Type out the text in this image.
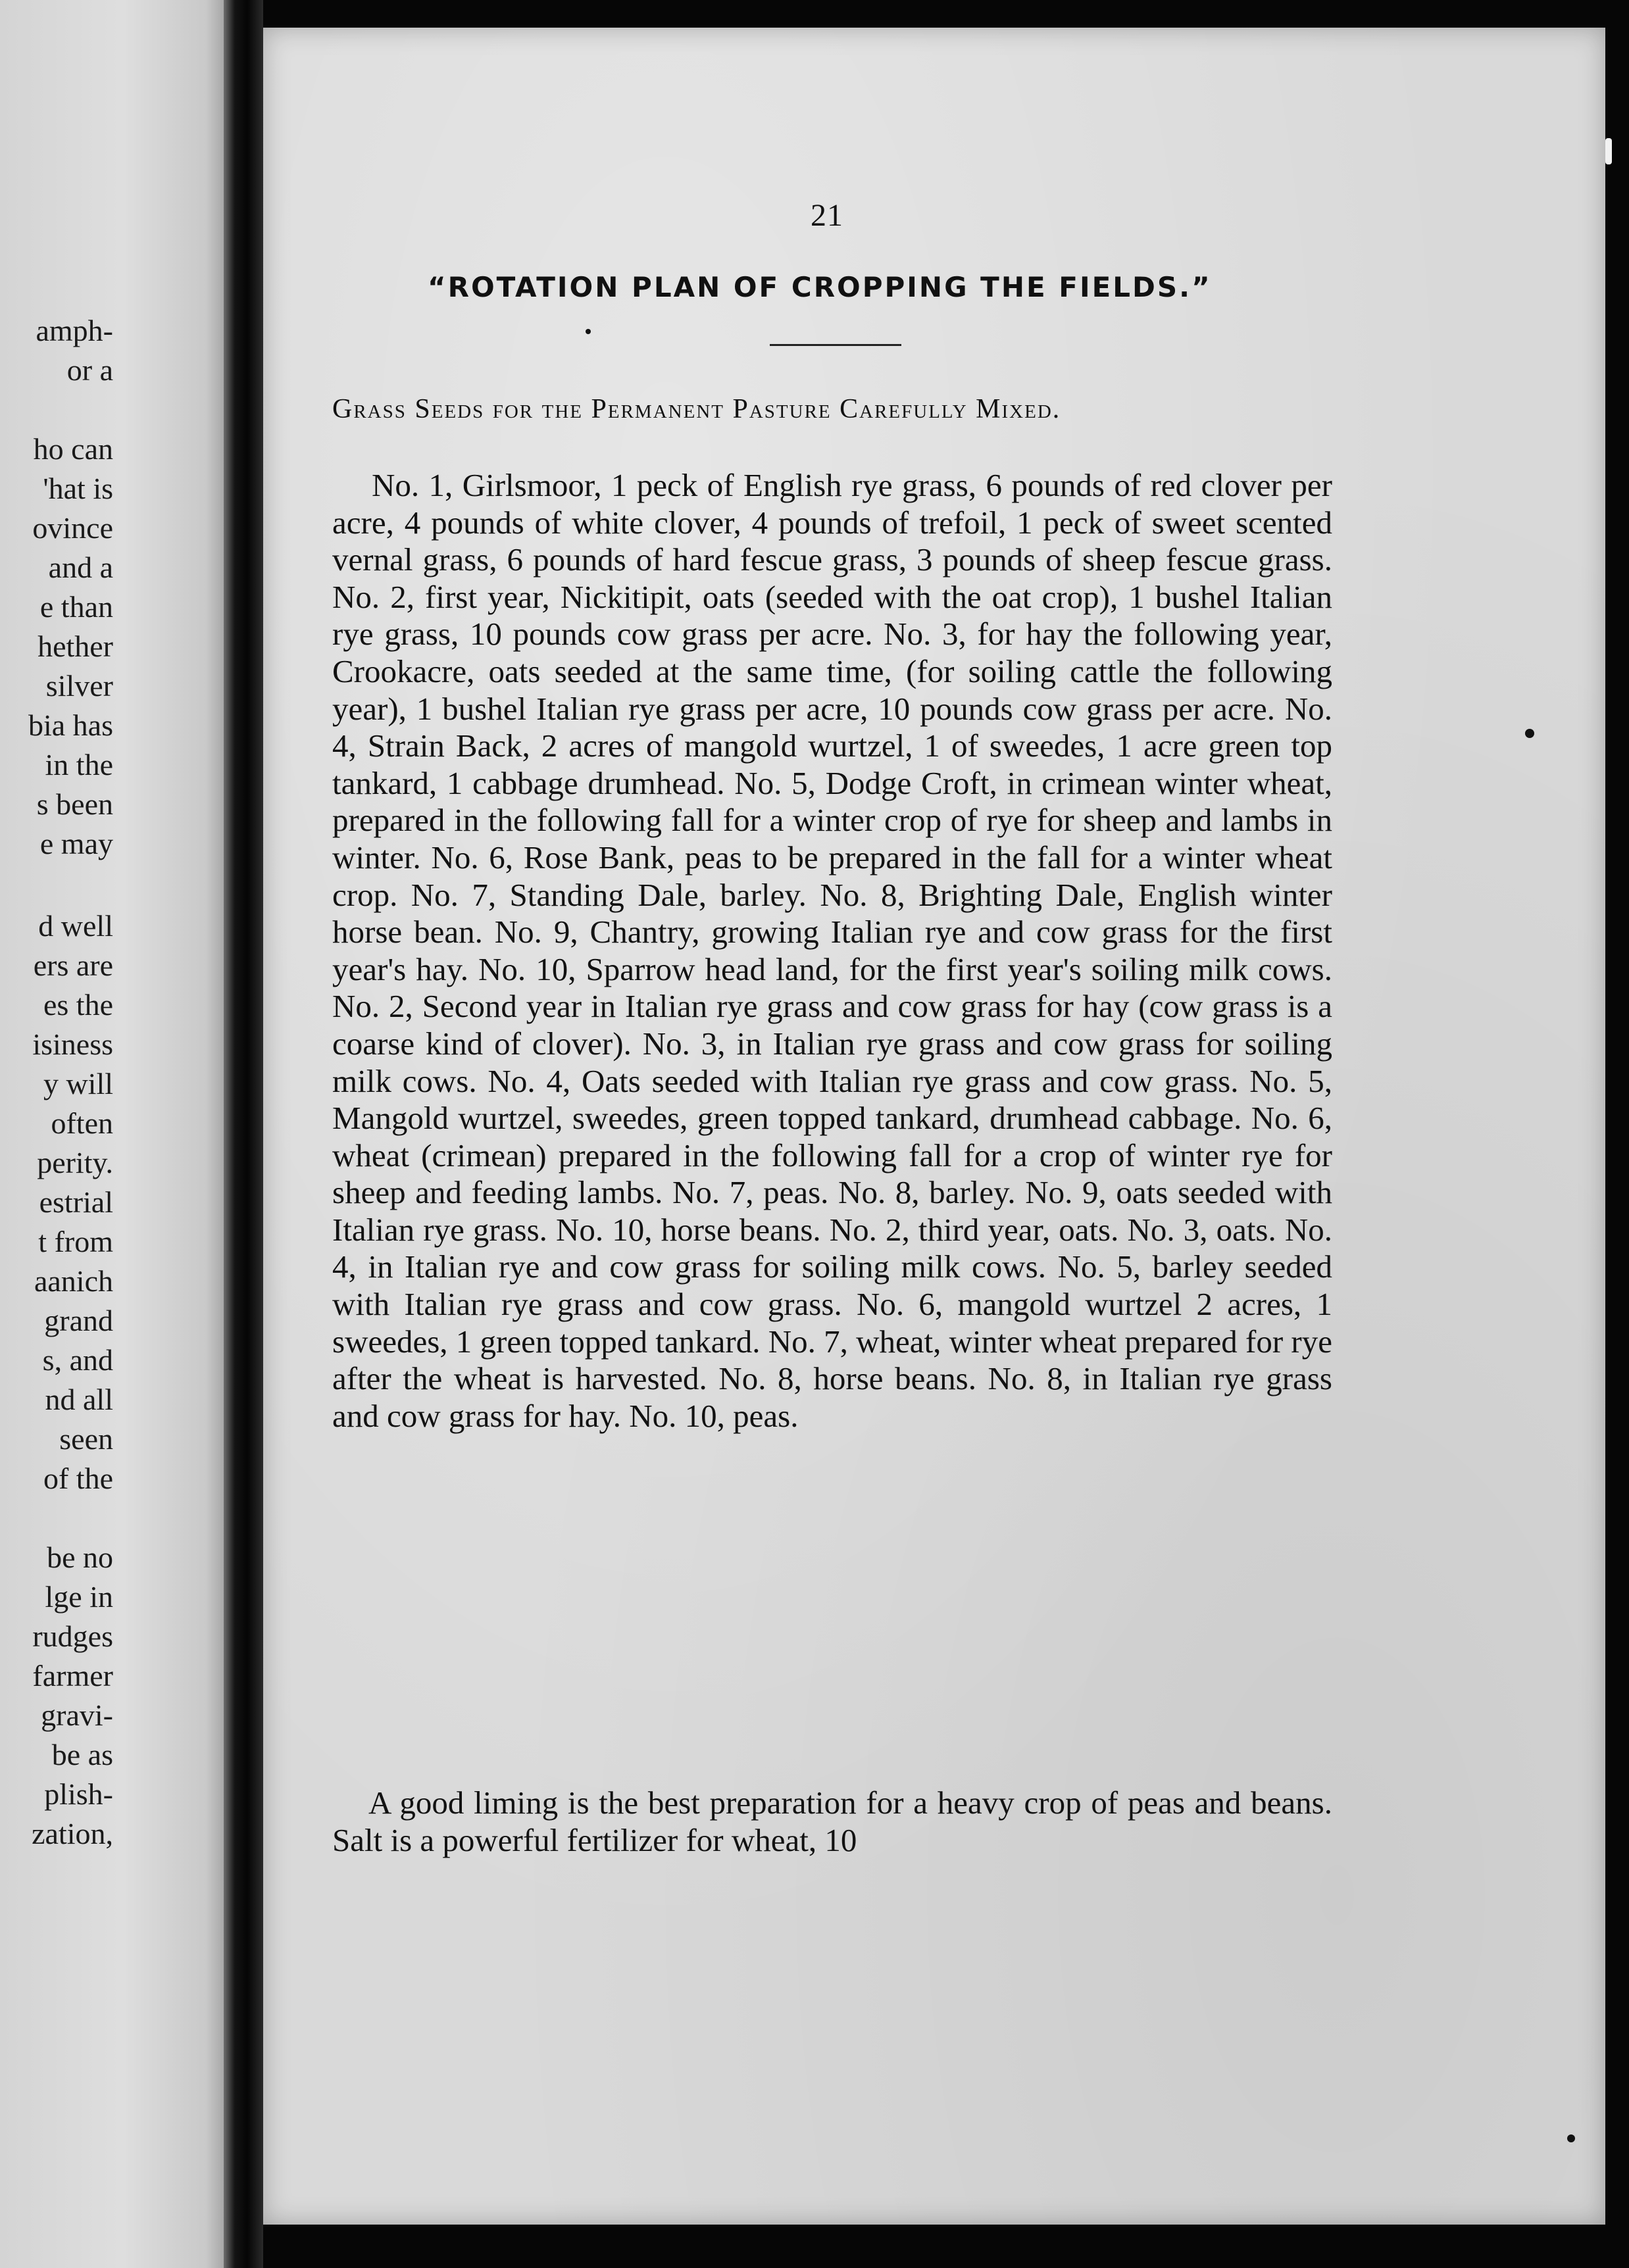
amph-
or a
ho can
'hat is
ovince
and a
e than
hether
silver
bia has
in the
s been
e may
d well
ers are
es the
isiness
y will
often
perity.
estrial
t from
aanich
grand
s, and
nd all
seen
of the
be no
lge in
rudges
farmer
gravi-
be as
plish-
zation,
21
“ROTATION PLAN OF CROPPING THE FIELDS.”
Grass Seeds for the Permanent Pasture Carefully Mixed.
No. 1, Girlsmoor, 1 peck of English rye grass, 6 pounds of red clover per acre, 4 pounds of white clover, 4 pounds of trefoil, 1 peck of sweet scented vernal grass, 6 pounds of hard fescue grass, 3 pounds of sheep fescue grass. No. 2, first year, Nickitipit, oats (seeded with the oat crop), 1 bushel Italian rye grass, 10 pounds cow grass per acre. No. 3, for hay the following year, Crookacre, oats seeded at the same time, (for soiling cattle the following year), 1 bushel Italian rye grass per acre, 10 pounds cow grass per acre. No. 4, Strain Back, 2 acres of mangold wurtzel, 1 of sweedes, 1 acre green top tankard, 1 cabbage drumhead. No. 5, Dodge Croft, in crimean winter wheat, prepared in the following fall for a winter crop of rye for sheep and lambs in winter. No. 6, Rose Bank, peas to be prepared in the fall for a winter wheat crop. No. 7, Standing Dale, barley. No. 8, Brighting Dale, English winter horse bean. No. 9, Chantry, growing Italian rye and cow grass for the first year's hay. No. 10, Sparrow head land, for the first year's soiling milk cows. No. 2, Second year in Italian rye grass and cow grass for hay (cow grass is a coarse kind of clover). No. 3, in Italian rye grass and cow grass for soiling milk cows. No. 4, Oats seeded with Italian rye grass and cow grass. No. 5, Mangold wurtzel, sweedes, green topped tankard, drumhead cabbage. No. 6, wheat (crimean) prepared in the following fall for a crop of winter rye for sheep and feeding lambs. No. 7, peas. No. 8, barley. No. 9, oats seeded with Italian rye grass. No. 10, horse beans. No. 2, third year, oats. No. 3, oats. No. 4, in Italian rye and cow grass for soiling milk cows. No. 5, barley seeded with Italian rye grass and cow grass. No. 6, mangold wurtzel 2 acres, 1 sweedes, 1 green topped tankard. No. 7, wheat, winter wheat prepared for rye after the wheat is harvested. No. 8, horse beans. No. 8, in Italian rye grass and cow grass for hay. No. 10, peas.
A good liming is the best preparation for a heavy crop of peas and beans. Salt is a powerful fertilizer for wheat, 10
